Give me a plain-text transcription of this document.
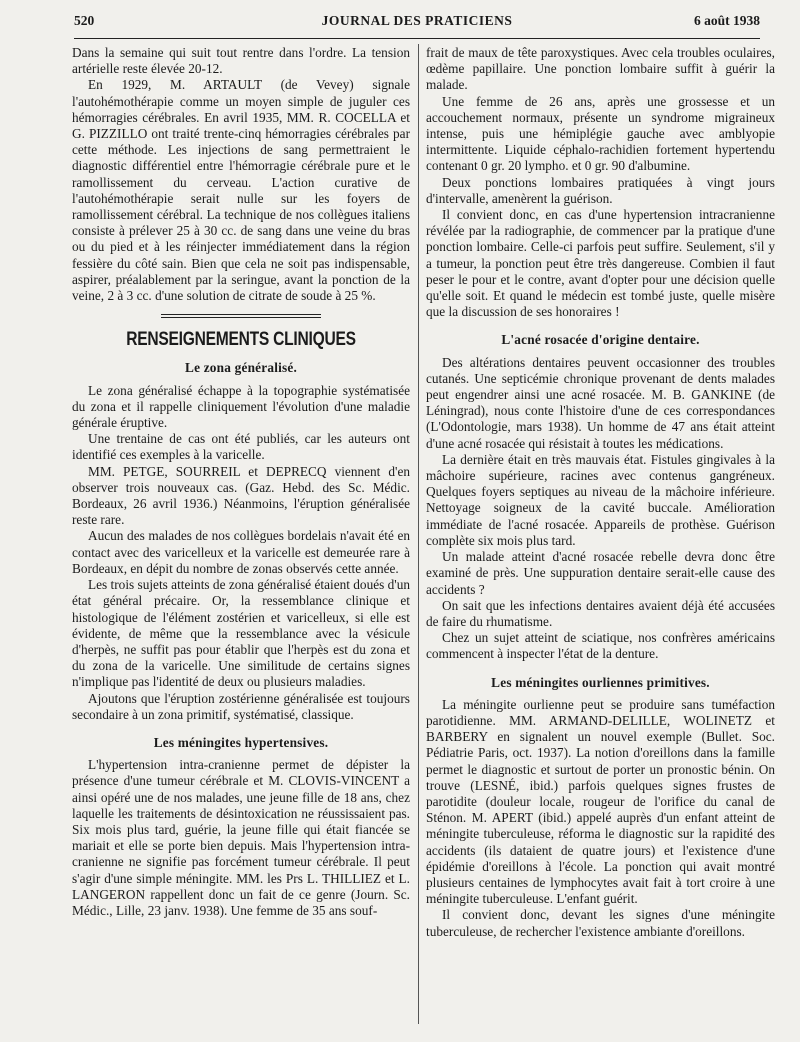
520	JOURNAL DES PRATICIENS	6 août 1938

Dans la semaine qui suit tout rentre dans l'ordre. La tension artérielle reste élevée 20-12.

En 1929, M. ARTAULT (de Vevey) signale l'autohémothérapie comme un moyen simple de juguler ces hémorragies cérébrales. En avril 1935, MM. R. COCELLA et G. PIZZILLO ont traité trente-cinq hémorragies cérébrales par cette méthode. Les injections de sang permettraient le diagnostic différentiel entre l'hémorragie cérébrale pure et le ramollissement du cerveau. L'action curative de l'autohémothérapie serait nulle sur les foyers de ramollissement cérébral. La technique de nos collègues italiens consiste à prélever 25 à 30 cc. de sang dans une veine du bras ou du pied et à les réinjecter immédiatement dans la région fessière du côté sain. Bien que cela ne soit pas indispensable, aspirer, préalablement par la seringue, avant la ponction de la veine, 2 à 3 cc. d'une solution de citrate de soude à 25 %.

RENSEIGNEMENTS CLINIQUES
Le zona généralisé.

Le zona généralisé échappe à la topographie systématisée du zona et il rappelle cliniquement l'évolution d'une maladie générale éruptive.

Une trentaine de cas ont été publiés, car les auteurs ont identifié ces exemples à la varicelle.

MM. PETGE, SOURREIL et DEPRECQ viennent d'en observer trois nouveaux cas. (Gaz. Hebd. des Sc. Médic. Bordeaux, 26 avril 1936.) Néanmoins, l'éruption généralisée reste rare.

Aucun des malades de nos collègues bordelais n'avait été en contact avec des varicelleux et la varicelle est demeurée rare à Bordeaux, en dépit du nombre de zonas observés cette année.

Les trois sujets atteints de zona généralisé étaient doués d'un état général précaire. Or, la ressemblance clinique et histologique de l'élément zostérien et varicelleux, si elle est évidente, de même que la ressemblance avec la vésicule d'herpès, ne suffit pas pour établir que l'herpès est du zona et du zona de la varicelle. Une similitude de certains signes n'implique pas l'identité de deux ou plusieurs maladies.

Ajoutons que l'éruption zostérienne généralisée est toujours secondaire à un zona primitif, systématisé, classique.

Les méningites hypertensives.

L'hypertension intra-cranienne permet de dépister la présence d'une tumeur cérébrale et M. CLOVIS-VINCENT a ainsi opéré une de nos malades, une jeune fille de 18 ans, chez laquelle les traitements de désintoxication ne réussissaient pas. Six mois plus tard, guérie, la jeune fille qui était fiancée se mariait et elle se porte bien depuis. Mais l'hypertension intra-cranienne ne signifie pas forcément tumeur cérébrale. Il peut s'agir d'une simple méningite. MM. les Prs L. THILLIEZ et L. LANGERON rappellent donc un fait de ce genre (Journ. Sc. Médic., Lille, 23 janv. 1938). Une femme de 35 ans souf-

frait de maux de tête paroxystiques. Avec cela troubles oculaires, œdème papillaire. Une ponction lombaire suffit à guérir la malade.

Une femme de 26 ans, après une grossesse et un accouchement normaux, présente un syndrome migraineux intense, puis une hémiplégie gauche avec amblyopie intermittente. Liquide céphalo-rachidien fortement hypertendu contenant 0 gr. 20 lympho. et 0 gr. 90 d'albumine.

Deux ponctions lombaires pratiquées à vingt jours d'intervalle, amenèrent la guérison.

Il convient donc, en cas d'une hypertension intracranienne révélée par la radiographie, de commencer par la pratique d'une ponction lombaire. Celle-ci parfois peut suffire. Seulement, s'il y a tumeur, la ponction peut être très dangereuse. Combien il faut peser le pour et le contre, avant d'opter pour une décision quelle qu'elle soit. Et quand le médecin est tombé juste, quelle misère que la discussion de ses honoraires !

L'acné rosacée d'origine dentaire.

Des altérations dentaires peuvent occasionner des troubles cutanés. Une septicémie chronique provenant de dents malades peut engendrer ainsi une acné rosacée. M. B. GANKINE (de Léningrad), nous conte l'histoire d'une de ces correspondances (L'Odontologie, mars 1938). Un homme de 47 ans était atteint d'une acné rosacée qui résistait à toutes les médications.

La dernière était en très mauvais état. Fistules gingivales à la mâchoire supérieure, racines avec contenus gangréneux. Quelques foyers septiques au niveau de la mâchoire inférieure. Nettoyage soigneux de la cavité buccale. Amélioration immédiate de l'acné rosacée. Appareils de prothèse. Guérison complète six mois plus tard.

Un malade atteint d'acné rosacée rebelle devra donc être examiné de près. Une suppuration dentaire serait-elle cause des accidents ?

On sait que les infections dentaires avaient déjà été accusées de faire du rhumatisme.

Chez un sujet atteint de sciatique, nos confrères américains commencent à inspecter l'état de la denture.

Les méningites ourliennes primitives.

La méningite ourlienne peut se produire sans tuméfaction parotidienne. MM. ARMAND-DELILLE, WOLINETZ et BARBERY en signalent un nouvel exemple (Bullet. Soc. Pédiatrie Paris, oct. 1937). La notion d'oreillons dans la famille permet le diagnostic et surtout de porter un pronostic bénin. On trouve (LESNÉ, ibid.) parfois quelques signes frustes de parotidite (douleur locale, rougeur de l'orifice du canal de Sténon. M. APERT (ibid.) appelé auprès d'un enfant atteint de méningite tuberculeuse, réforma le diagnostic sur la rapidité des accidents (ils dataient de quatre jours) et l'existence d'une épidémie d'oreillons à l'école. La ponction qui avait montré plusieurs centaines de lymphocytes avait fait à tort croire à une méningite tuberculeuse. L'enfant guérit.

Il convient donc, devant les signes d'une méningite tuberculeuse, de rechercher l'existence ambiante d'oreillons.
